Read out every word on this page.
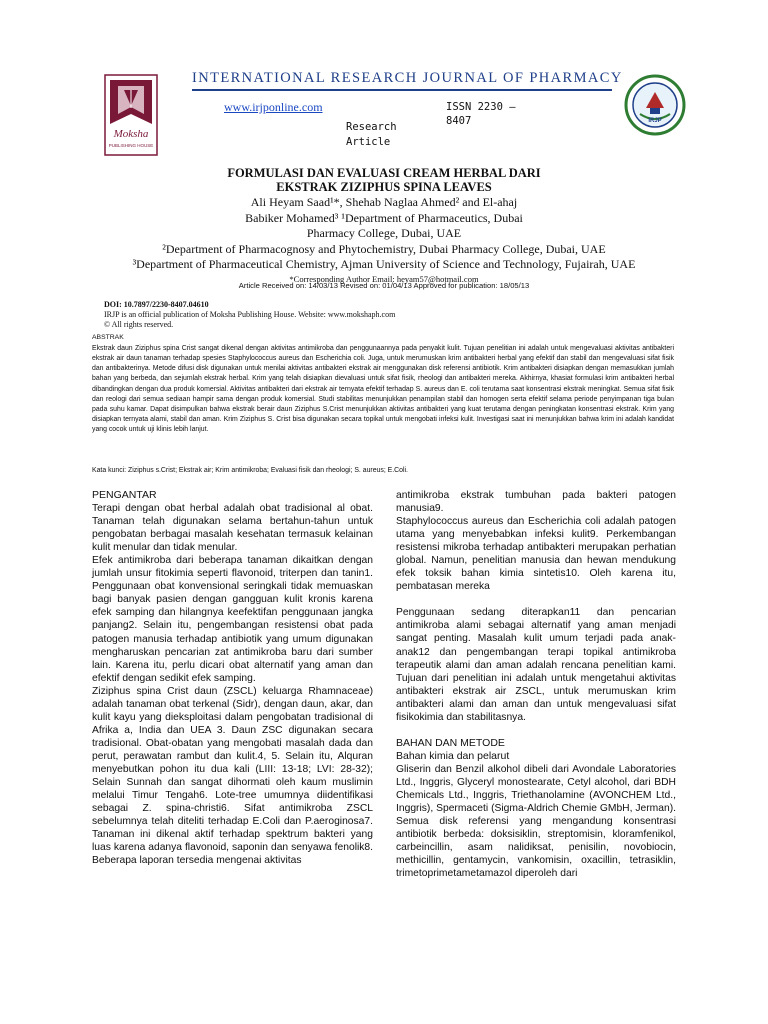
Moksha
PUBLISHING HOUSE
INTERNATIONAL RESEARCH JOURNAL OF PHARMACY
IRJP
www.irjponline.com	ISSN 2230 –
8407
Research
Article
FORMULASI DAN EVALUASI CREAM HERBAL DARI
EKSTRAK ZIZIPHUS SPINA LEAVES
Ali Heyam Saad¹*, Shehab Naglaa Ahmed² and El-ahaj
Babiker Mohamed³ ¹Department of Pharmaceutics, Dubai
Pharmacy College, Dubai, UAE
²Department of Pharmacognosy and Phytochemistry, Dubai Pharmacy College, Dubai, UAE
³Department of Pharmaceutical Chemistry, Ajman University of Science and Technology, Fujairah, UAE
*Corresponding Author Email: heyam57@hotmail.com
Article Received on: 14/03/13 Revised on: 01/04/13 Approved for publication: 18/05/13
DOI: 10.7897/2230-8407.04610
IRJP is an official publication of Moksha Publishing House. Website: www.mokshaph.com
© All rights reserved.
ABSTRAK
Ekstrak daun Ziziphus spina Crist sangat dikenal dengan aktivitas antimikroba dan penggunaannya pada penyakit kulit. Tujuan penelitian ini adalah untuk mengevaluasi aktivitas antibakteri ekstrak air daun tanaman terhadap spesies Staphylococcus aureus dan Escherichia coli. Juga, untuk merumuskan krim antibakteri herbal yang efektif dan stabil dan mengevaluasi sifat fisik dan antibakterinya. Metode difusi disk digunakan untuk menilai aktivitas antibakteri ekstrak air menggunakan disk referensi antibiotik. Krim antibakteri disiapkan dengan memasukkan jumlah bahan yang berbeda, dan sejumlah ekstrak herbal. Krim yang telah disiapkan dievaluasi untuk sifat fisik, rheologi dan antibakteri mereka. Akhirnya, khasiat formulasi krim antibakteri herbal dibandingkan dengan dua produk komersial. Aktivitas antibakteri dari ekstrak air ternyata efektif terhadap S. aureus dan E. coli terutama saat konsentrasi ekstrak meningkat. Semua sifat fisik dan reologi dari semua sediaan hampir sama dengan produk komersial. Studi stabilitas menunjukkan penampilan stabil dan homogen serta efektif selama periode penyimpanan tiga bulan pada suhu kamar. Dapat disimpulkan bahwa ekstrak berair daun Ziziphus S.Crist menunjukkan aktivitas antibakteri yang kuat terutama dengan peningkatan konsentrasi ekstrak. Krim yang disiapkan ternyata alami, stabil dan aman. Krim Ziziphus S. Crist bisa digunakan secara topikal untuk mengobati infeksi kulit. Investigasi saat ini menunjukkan bahwa krim ini adalah kandidat yang cocok untuk uji klinis lebih lanjut.
Kata kunci: Ziziphus s.Crist; Ekstrak air; Krim antimikroba; Evaluasi fisik dan rheologi; S. aureus; E.Coli.
PENGANTAR

Terapi dengan obat herbal adalah obat tradisional al obat. Tanaman telah digunakan selama bertahun-tahun untuk pengobatan berbagai masalah kesehatan termasuk kelainan kulit menular dan tidak menular.

Efek antimikroba dari beberapa tanaman dikaitkan dengan jumlah unsur fitokimia seperti flavonoid, triterpen dan tanin1. Penggunaan obat konvensional seringkali tidak memuaskan bagi banyak pasien dengan gangguan kulit kronis karena efek samping dan hilangnya keefektifan penggunaan jangka panjang2. Selain itu, pengembangan resistensi obat pada patogen manusia terhadap antibiotik yang umum digunakan mengharuskan pencarian zat antimikroba baru dari sumber lain. Karena itu, perlu dicari obat alternatif yang aman dan efektif dengan sedikit efek samping.

Ziziphus spina Crist daun (ZSCL) keluarga Rhamnaceae) adalah tanaman obat terkenal (Sidr), dengan daun, akar, dan kulit kayu yang dieksploitasi dalam pengobatan tradisional di Afrika a, India dan UEA 3. Daun ZSC digunakan secara tradisional. Obat-obatan yang mengobati masalah dada dan perut, perawatan rambut dan kulit.4, 5. Selain itu, Alquran menyebutkan pohon itu dua kali (LIII: 13-18; LVI: 28-32); Selain Sunnah dan sangat dihormati oleh kaum muslimin melalui Timur Tengah6. Lote-tree umumnya diidentifikasi sebagai Z. spina-christi6. Sifat antimikroba ZSCL sebelumnya telah diteliti terhadap E.Coli dan P.aeroginosa7. Tanaman ini dikenal aktif terhadap spektrum bakteri yang luas karena adanya flavonoid, saponin dan senyawa fenolik8. Beberapa laporan tersedia mengenai aktivitas

antimikroba ekstrak tumbuhan pada bakteri patogen manusia9.

Staphylococcus aureus dan Escherichia coli adalah patogen utama yang menyebabkan infeksi kulit9. Perkembangan resistensi mikroba terhadap antibakteri merupakan perhatian global. Namun, penelitian manusia dan hewan mendukung efek toksik bahan kimia sintetis10. Oleh karena itu, pembatasan mereka

Penggunaan sedang diterapkan11 dan pencarian antimikroba alami sebagai alternatif yang aman menjadi sangat penting. Masalah kulit umum terjadi pada anak-anak12 dan pengembangan terapi topikal antimikroba terapeutik alami dan aman adalah rencana penelitian kami. Tujuan dari penelitian ini adalah untuk mengetahui aktivitas antibakteri ekstrak air ZSCL, untuk merumuskan krim antibakteri alami dan aman dan untuk mengevaluasi sifat fisikokimia dan stabilitasnya.

BAHAN DAN METODE
Bahan kimia dan pelarut

Gliserin dan Benzil alkohol dibeli dari Avondale Laboratories Ltd., Inggris, Glyceryl monostearate, Cetyl alcohol, dari BDH Chemicals Ltd., Inggris, Triethanolamine (AVONCHEM Ltd., Inggris), Spermaceti (Sigma-Aldrich Chemie GMbH, Jerman). Semua disk referensi yang mengandung konsentrasi antibiotik berbeda: doksisiklin, streptomisin, kloramfenikol, carbeincillin, asam nalidiksat, penisilin, novobiocin, methicillin, gentamycin, vankomisin, oxacillin, tetrasiklin, trimetoprimetametamazol diperoleh dari
